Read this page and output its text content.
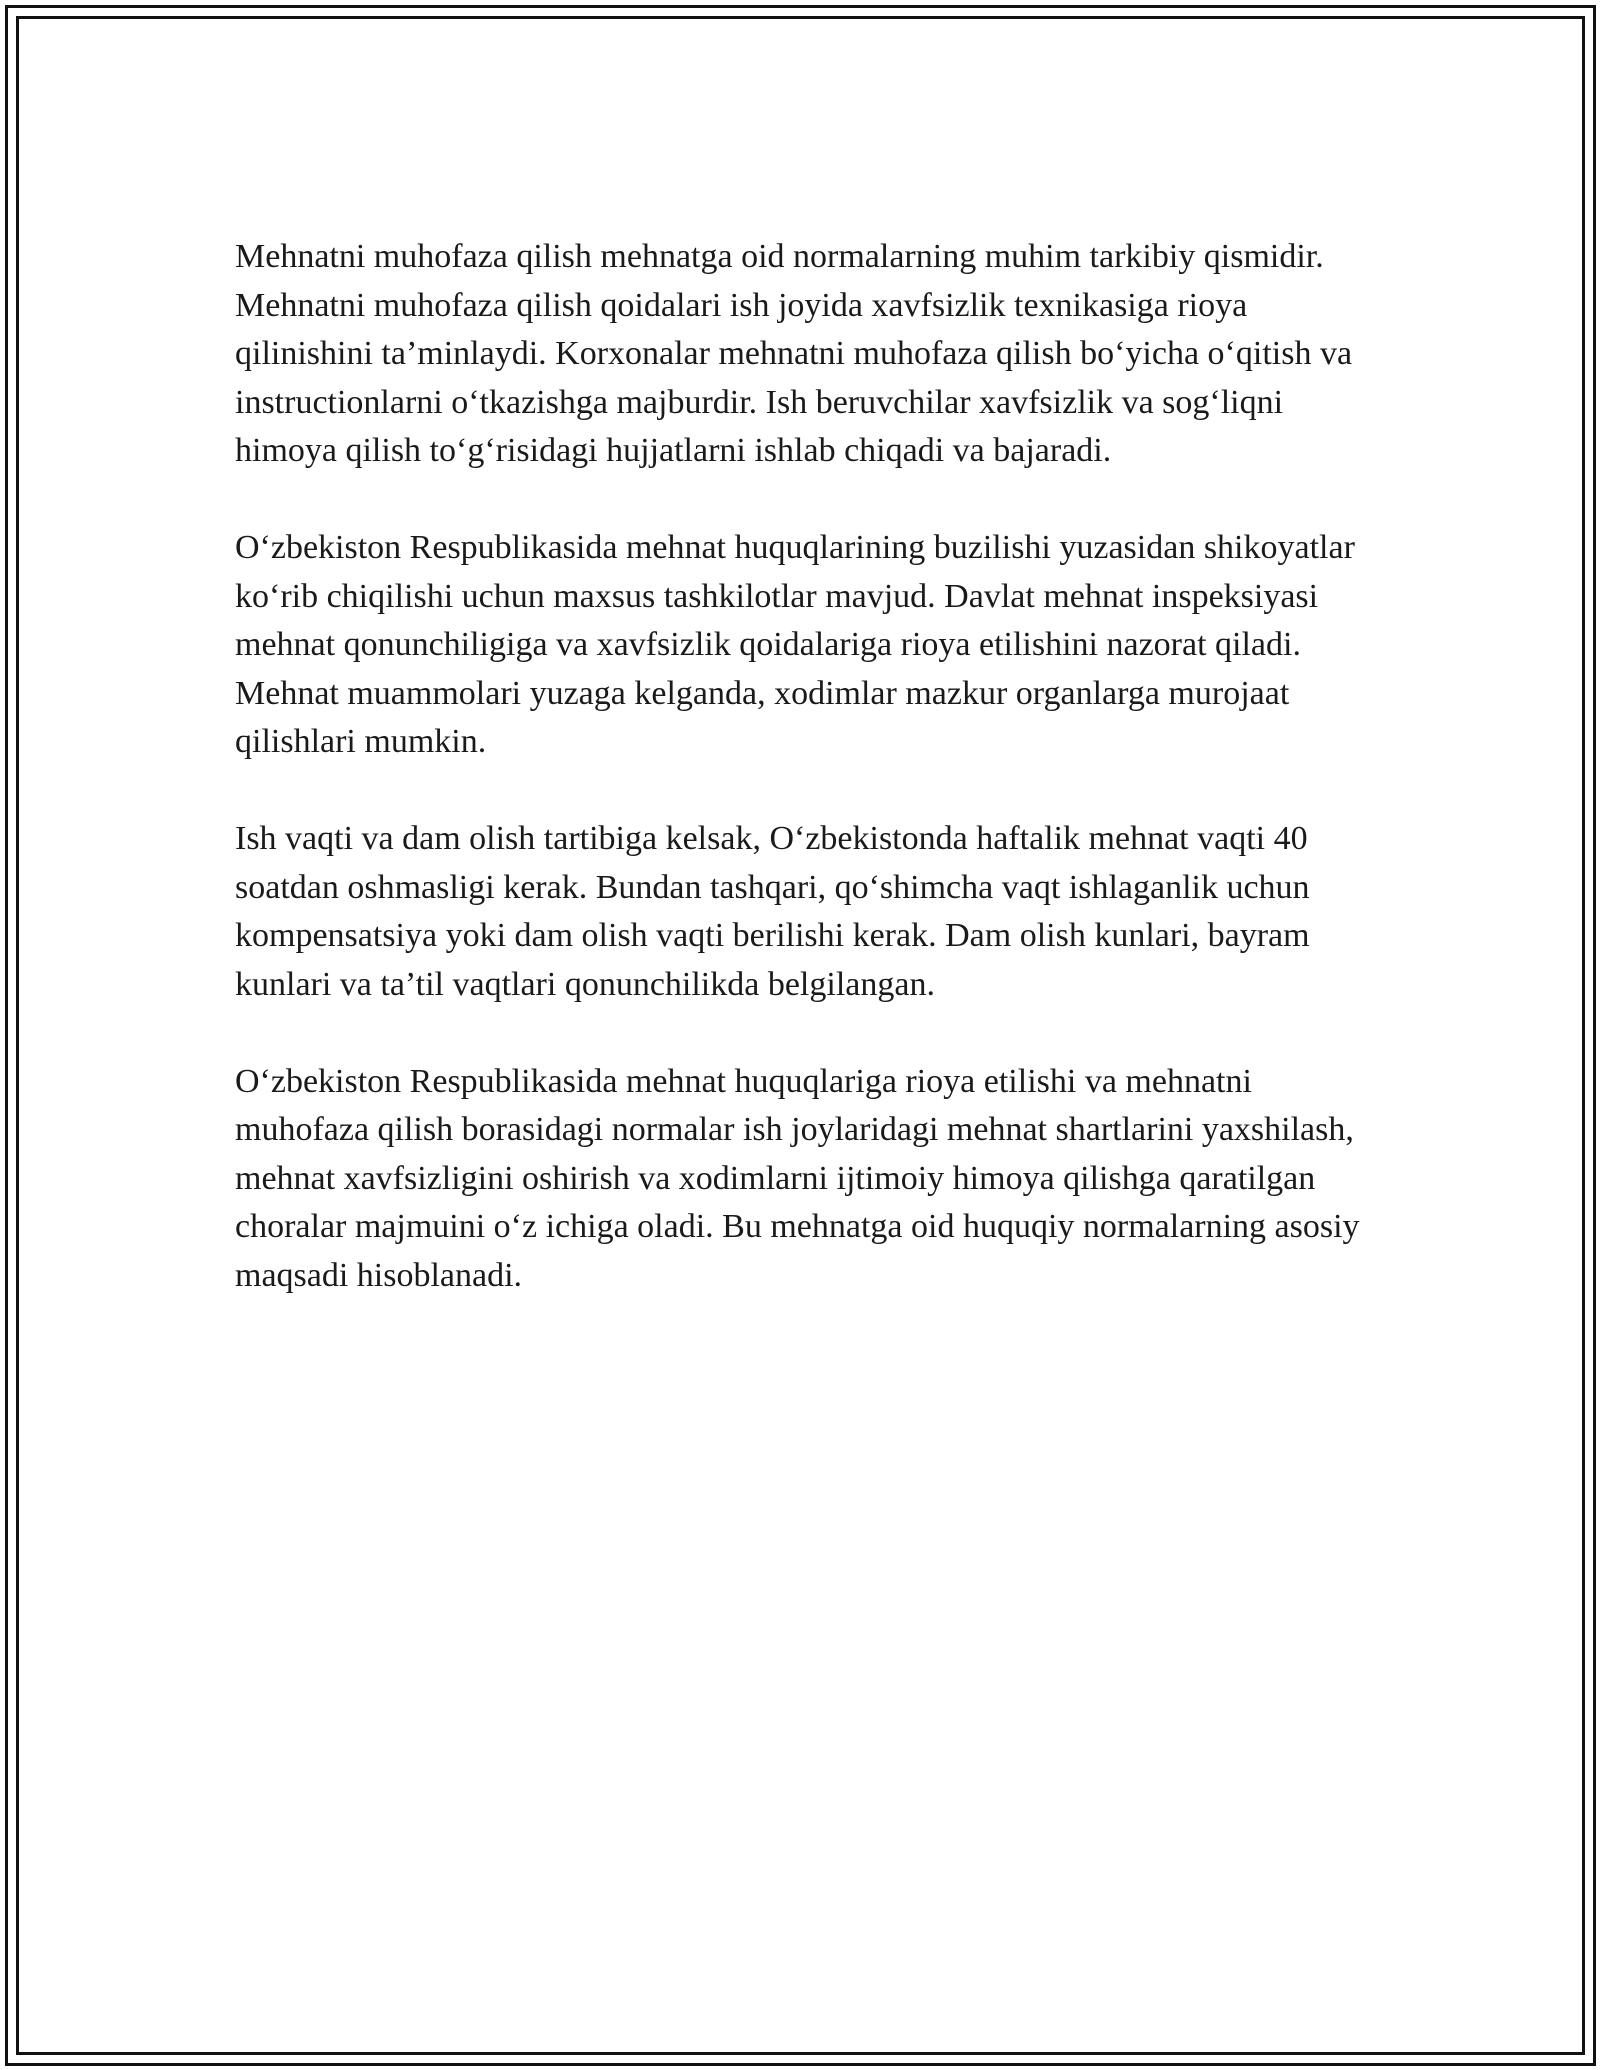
Mehnatni muhofaza qilish mehnatga oid normalarning muhim tarkibiy qismidir. Mehnatni muhofaza qilish qoidalari ish joyida xavfsizlik texnikasiga rioya qilinishini ta’minlaydi. Korxonalar mehnatni muhofaza qilish bo‘yicha o‘qitish va instructionlarni o‘tkazishga majburdir. Ish beruvchilar xavfsizlik va sog‘liqni himoya qilish to‘g‘risidagi hujjatlarni ishlab chiqadi va bajaradi.

O‘zbekiston Respublikasida mehnat huquqlarining buzilishi yuzasidan shikoyatlar ko‘rib chiqilishi uchun maxsus tashkilotlar mavjud. Davlat mehnat inspeksiyasi mehnat qonunchiligiga va xavfsizlik qoidalariga rioya etilishini nazorat qiladi. Mehnat muammolari yuzaga kelganda, xodimlar mazkur organlarga murojaat qilishlari mumkin.

Ish vaqti va dam olish tartibiga kelsak, O‘zbekistonda haftalik mehnat vaqti 40 soatdan oshmasligi kerak. Bundan tashqari, qo‘shimcha vaqt ishlaganlik uchun kompensatsiya yoki dam olish vaqti berilishi kerak. Dam olish kunlari, bayram kunlari va ta’til vaqtlari qonunchilikda belgilangan.

O‘zbekiston Respublikasida mehnat huquqlariga rioya etilishi va mehnatni muhofaza qilish borasidagi normalar ish joylaridagi mehnat shartlarini yaxshilash, mehnat xavfsizligini oshirish va xodimlarni ijtimoiy himoya qilishga qaratilgan choralar majmuini o‘z ichiga oladi. Bu mehnatga oid huquqiy normalarning asosiy maqsadi hisoblanadi.
